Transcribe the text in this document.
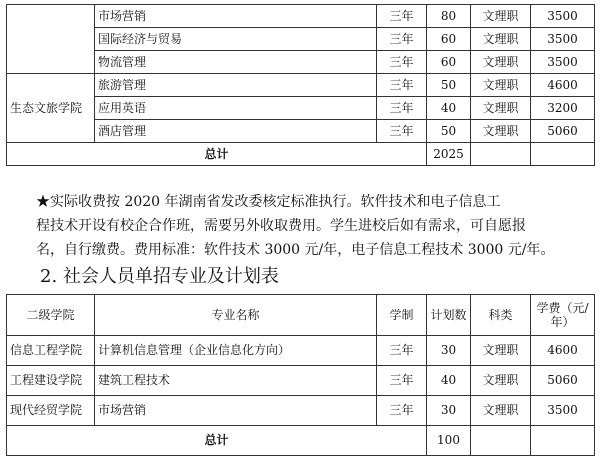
	市场营销	三年	80	文理职	3500
	国际经济与贸易	三年	60	文理职	3500
	物流管理	三年	60	文理职	3500
生态文旅学院	旅游管理	三年	50	文理职	4600
	应用英语	三年	40	文理职	3200
	酒店管理	三年	50	文理职	5060
总计			2025		
★实际收费按 2020 年湖南省发改委核定标准执行。软件技术和电子信息工
程技术开设有校企合作班，需要另外收取费用。学生进校后如有需求，可自愿报
名，自行缴费。费用标准：软件技术 3000 元/年，电子信息工程技术 3000 元/年。
2. 社会人员单招专业及计划表
二级学院	专业名称	学制	计划数	科类	学费（元/年）
信息工程学院	计算机信息管理（企业信息化方向）	三年	30	文理职	4600
工程建设学院	建筑工程技术	三年	40	文理职	5060
现代经贸学院	市场营销	三年	30	文理职	3500
总计			100		
